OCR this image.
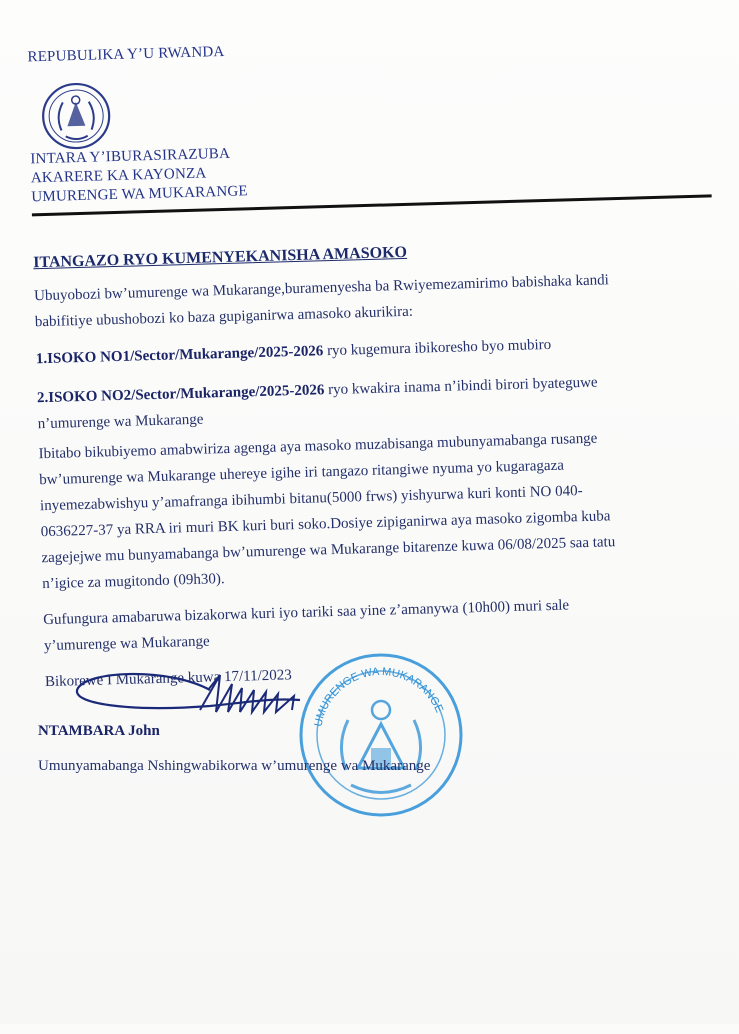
REPUBULIKA Y’U RWANDA
INTARA Y’IBURASIRAZUBA
AKARERE KA KAYONZA
UMURENGE WA MUKARANGE
ITANGAZO RYO KUMENYEKANISHA AMASOKO
Ubuyobozi bw’umurenge wa Mukarange,buramenyesha ba Rwiyemezamirimo babishaka kandi
babifitiye ubushobozi ko baza gupiganirwa amasoko akurikira:
1.ISOKO NO1/Sector/Mukarange/2025-2026 ryo kugemura ibikoresho byo mubiro
2.ISOKO NO2/Sector/Mukarange/2025-2026 ryo kwakira inama n’ibindi birori byateguwe
n’umurenge wa Mukarange
Ibitabo bikubiyemo amabwiriza agenga aya masoko muzabisanga mubunyamabanga rusange
bw’umurenge wa Mukarange uhereye igihe iri tangazo ritangiwe nyuma yo kugaragaza
inyemezabwishyu y’amafranga ibihumbi bitanu(5000 frws) yishyurwa kuri konti NO 040-
0636227-37 ya RRA iri muri BK kuri buri soko.Dosiye zipiganirwa aya masoko zigomba kuba
zagejejwe mu bunyamabanga bw’umurenge wa Mukarange bitarenze kuwa 06/08/2025 saa tatu
n’igice za mugitondo (09h30).
Gufungura amabaruwa bizakorwa kuri iyo tariki saa yine z’amanywa (10h00) muri sale
y’umurenge wa Mukarange
Bikorewe I Mukarange kuwa 17/11/2023
UMURENGE WA MUKARANGE
NTAMBARA John
Umunyamabanga Nshingwabikorwa w’umurenge wa Mukarange
